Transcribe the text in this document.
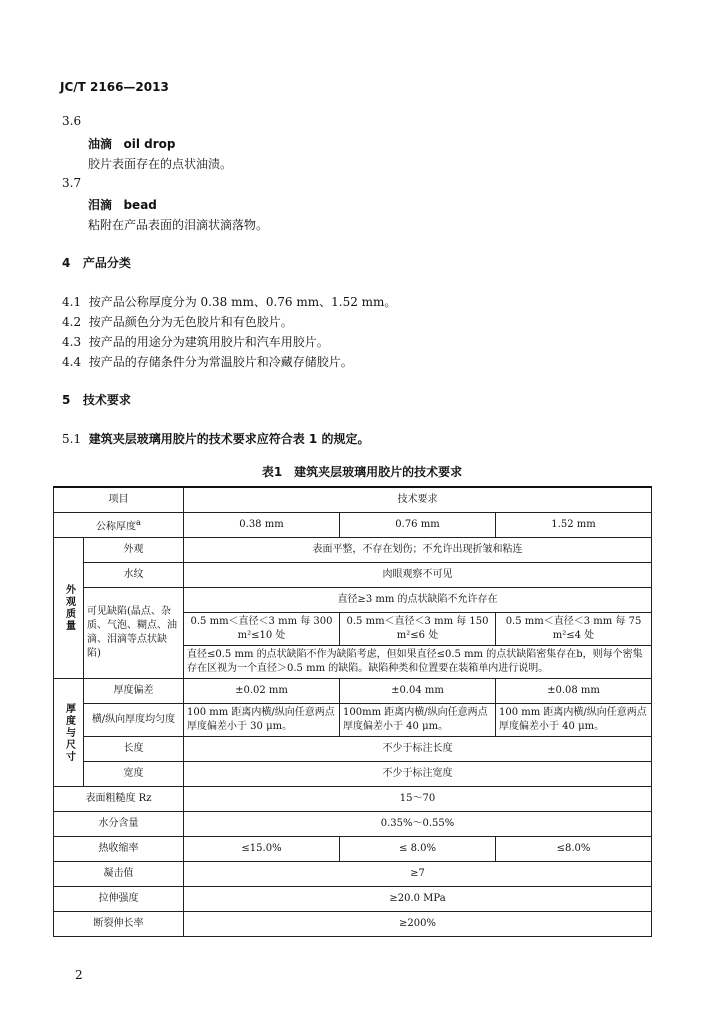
JC/T 2166—2013
3.6
油滴 oil drop
胶片表面存在的点状油渍。
3.7
泪滴 bead
粘附在产品表面的泪滴状滴落物。
4 产品分类
4.1 按产品公称厚度分为 0.38 mm、0.76 mm、1.52 mm。
4.2 按产品颜色分为无色胶片和有色胶片。
4.3 按产品的用途分为建筑用胶片和汽车用胶片。
4.4 按产品的存储条件分为常温胶片和冷藏存储胶片。
5 技术要求
5.1 建筑夹层玻璃用胶片的技术要求应符合表 1 的规定。
表1　建筑夹层玻璃用胶片的技术要求
项目		技术要求		
公称厚度$^a$		0.38 mm	0.76 mm	1.52 mm
外观质量	外观	表面平整，不存在划伤；不允许出现折皱和粘连		
	水纹	肉眼观察不可见		
	可见缺陷(晶点、杂质、气泡、糊点、油滴、泪滴等点状缺陷)	直径≥3 mm 的点状缺陷不允许存在		
		0.5 mm＜直径＜3 mm 每 300 m²≤10 处	0.5 mm＜直径＜3 mm 每 150 m²≤6 处	0.5 mm＜直径＜3 mm 每 75 m²≤4 处
		直径≤0.5 mm 的点状缺陷不作为缺陷考虑，但如果直径≤0.5 mm 的点状缺陷密集存在b，则每个密集存在区视为一个直径＞0.5 mm 的缺陷。缺陷种类和位置要在装箱单内进行说明。		
厚度与尺寸	厚度偏差	±0.02 mm	±0.04 mm	±0.08 mm
	横/纵向厚度均匀度	100 mm 距离内横/纵向任意两点厚度偏差小于 30 μm。	100mm 距离内横/纵向任意两点厚度偏差小于 40 μm。	100 mm 距离内横/纵向任意两点厚度偏差小于 40 μm。
	长度	不少于标注长度		
	宽度	不少于标注宽度		
表面粗糙度 Rz		15～70		
水分含量		0.35%～0.55%		
热收缩率		≤15.0%	≤ 8.0%	≤8.0%
凝击值		≥7		
拉伸强度		≥20.0 MPa		
断裂伸长率		≥200%		
2
